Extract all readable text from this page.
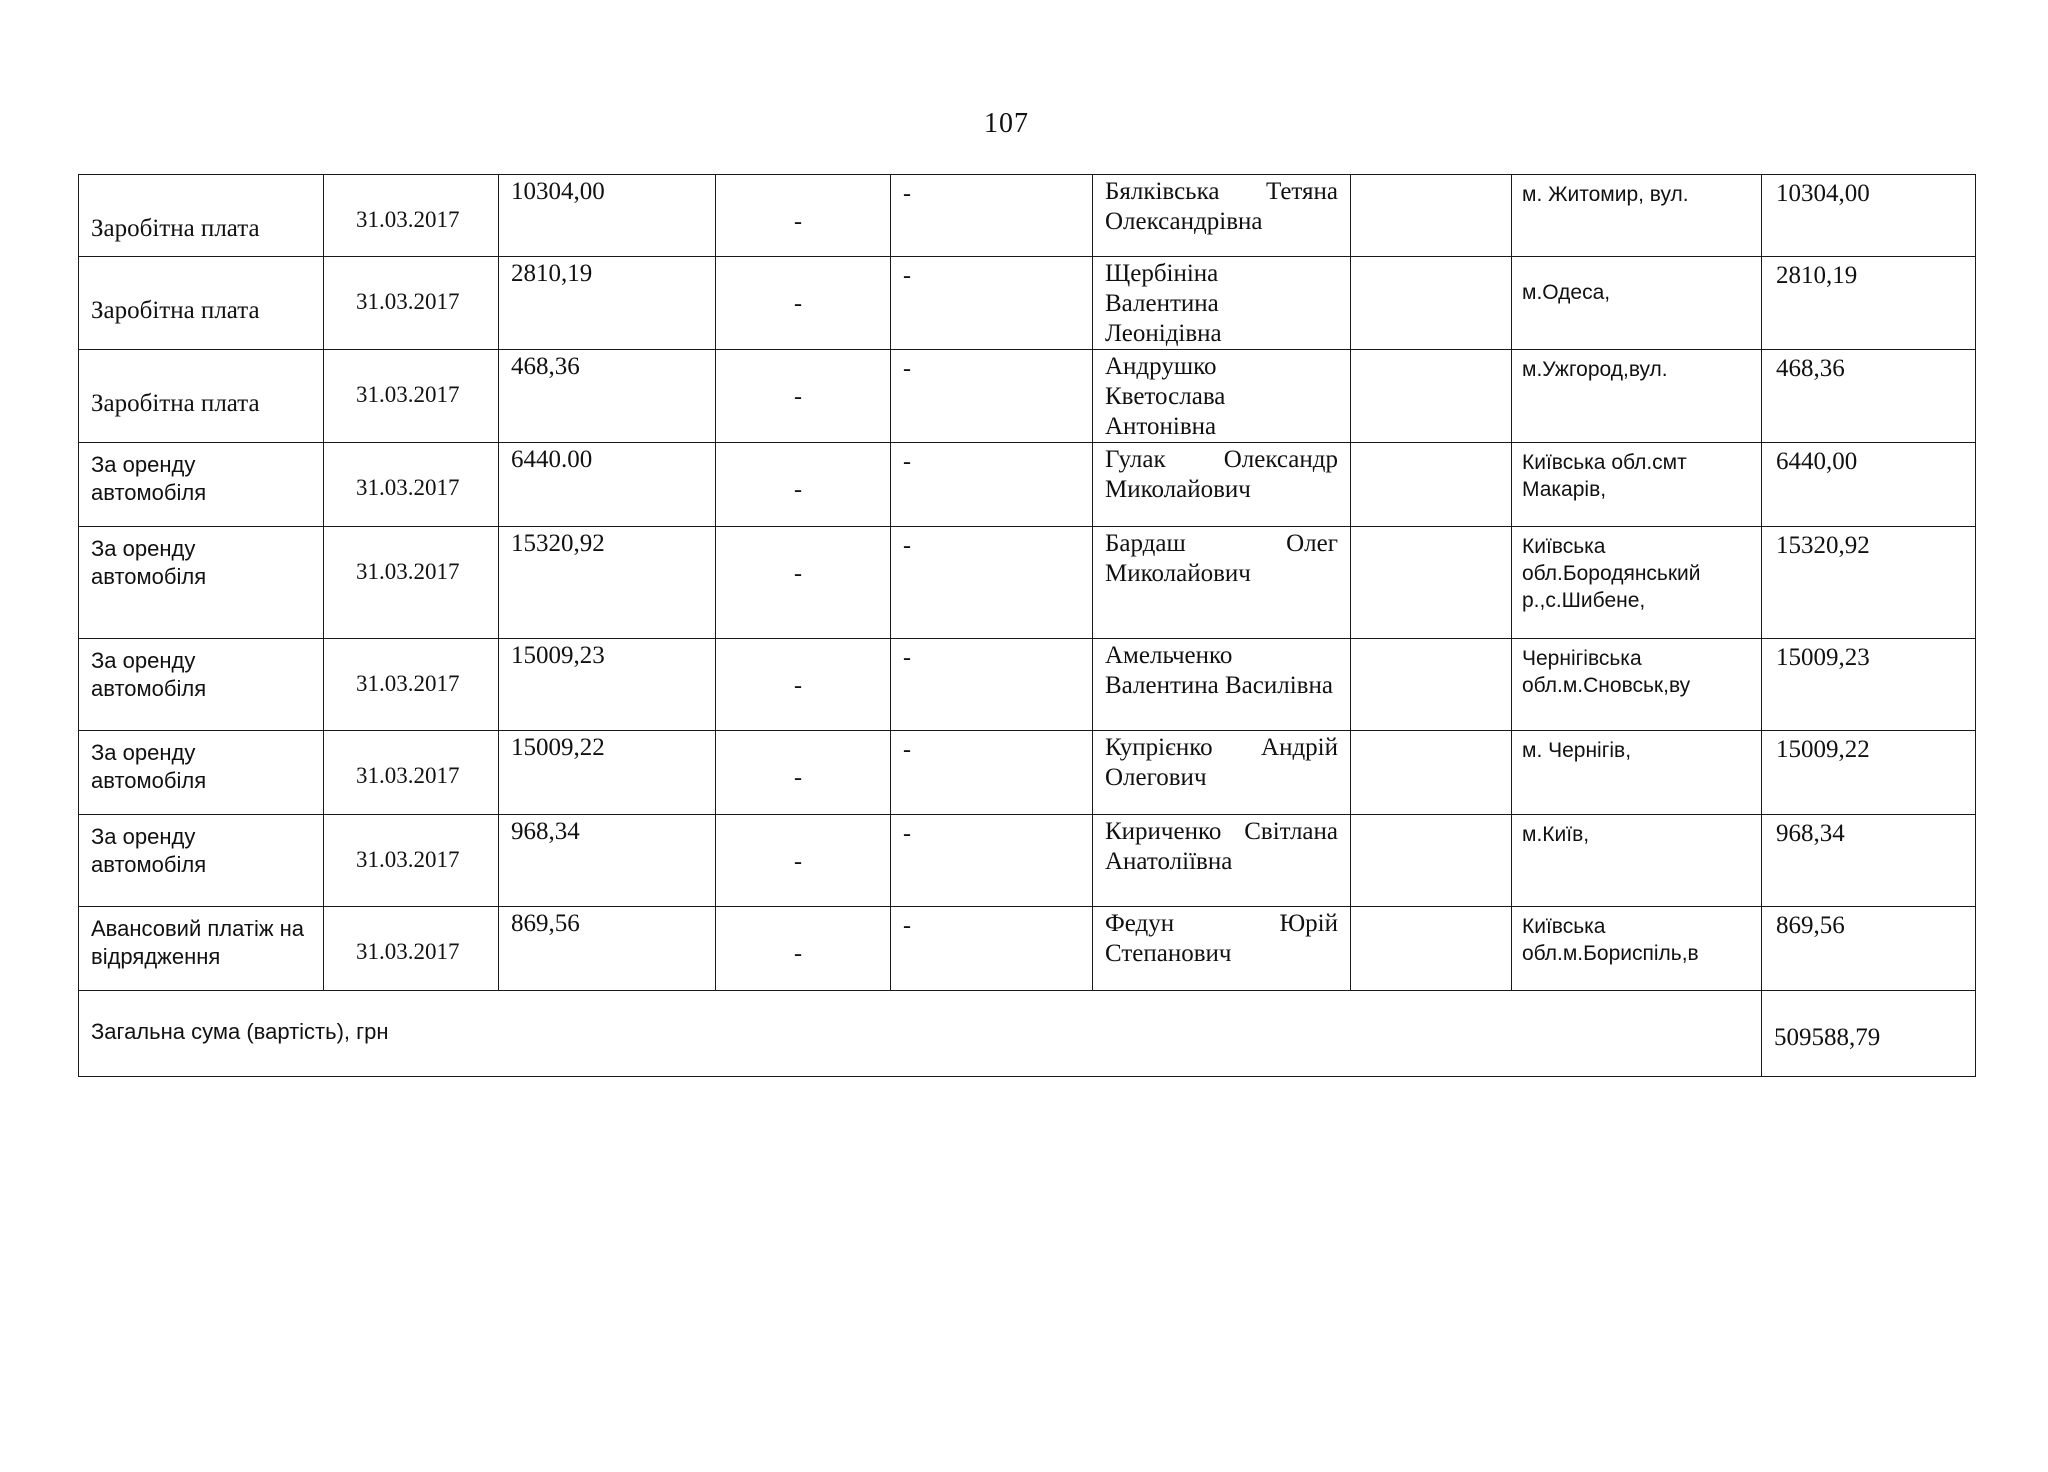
107
Заробітна плата	31.03.2017	10304,00	-	-	Бялківська Тетяна Олександрівна		м. Житомир, вул.	10304,00

Заробітна плата	31.03.2017	2810,19	-	-	Щербініна Валентина Леонідівна		м.Одеса,	2810,19

Заробітна плата	31.03.2017	468,36	-	-	Андрушко Кветослава Антонівна		м.Ужгород,вул.	468,36

За оренду автомобіля	31.03.2017	6440.00	-	-	Гулак Олександр Миколайович		Київська обл.смт Макарів,	6440,00

За оренду автомобіля	31.03.2017	15320,92	-	-	Бардаш Олег Миколайович		Київська обл.Бородянський р.,с.Шибене,	15320,92

За оренду автомобіля	31.03.2017	15009,23	-	-	Амельченко Валентина Василівна		Чернігівська обл.м.Сновськ,ву	15009,23

За оренду автомобіля	31.03.2017	15009,22	-	-	Купрієнко Андрій Олегович		м. Чернігів,	15009,22

За оренду автомобіля	31.03.2017	968,34	-	-	Кириченко Світлана Анатоліївна		м.Київ,	968,34

Авансовий платіж на відрядження	31.03.2017	869,56	-	-	Федун Юрій Степанович		Київська обл.м.Бориспіль,в	869,56

Загальна сума (вартість), грн								509588,79
